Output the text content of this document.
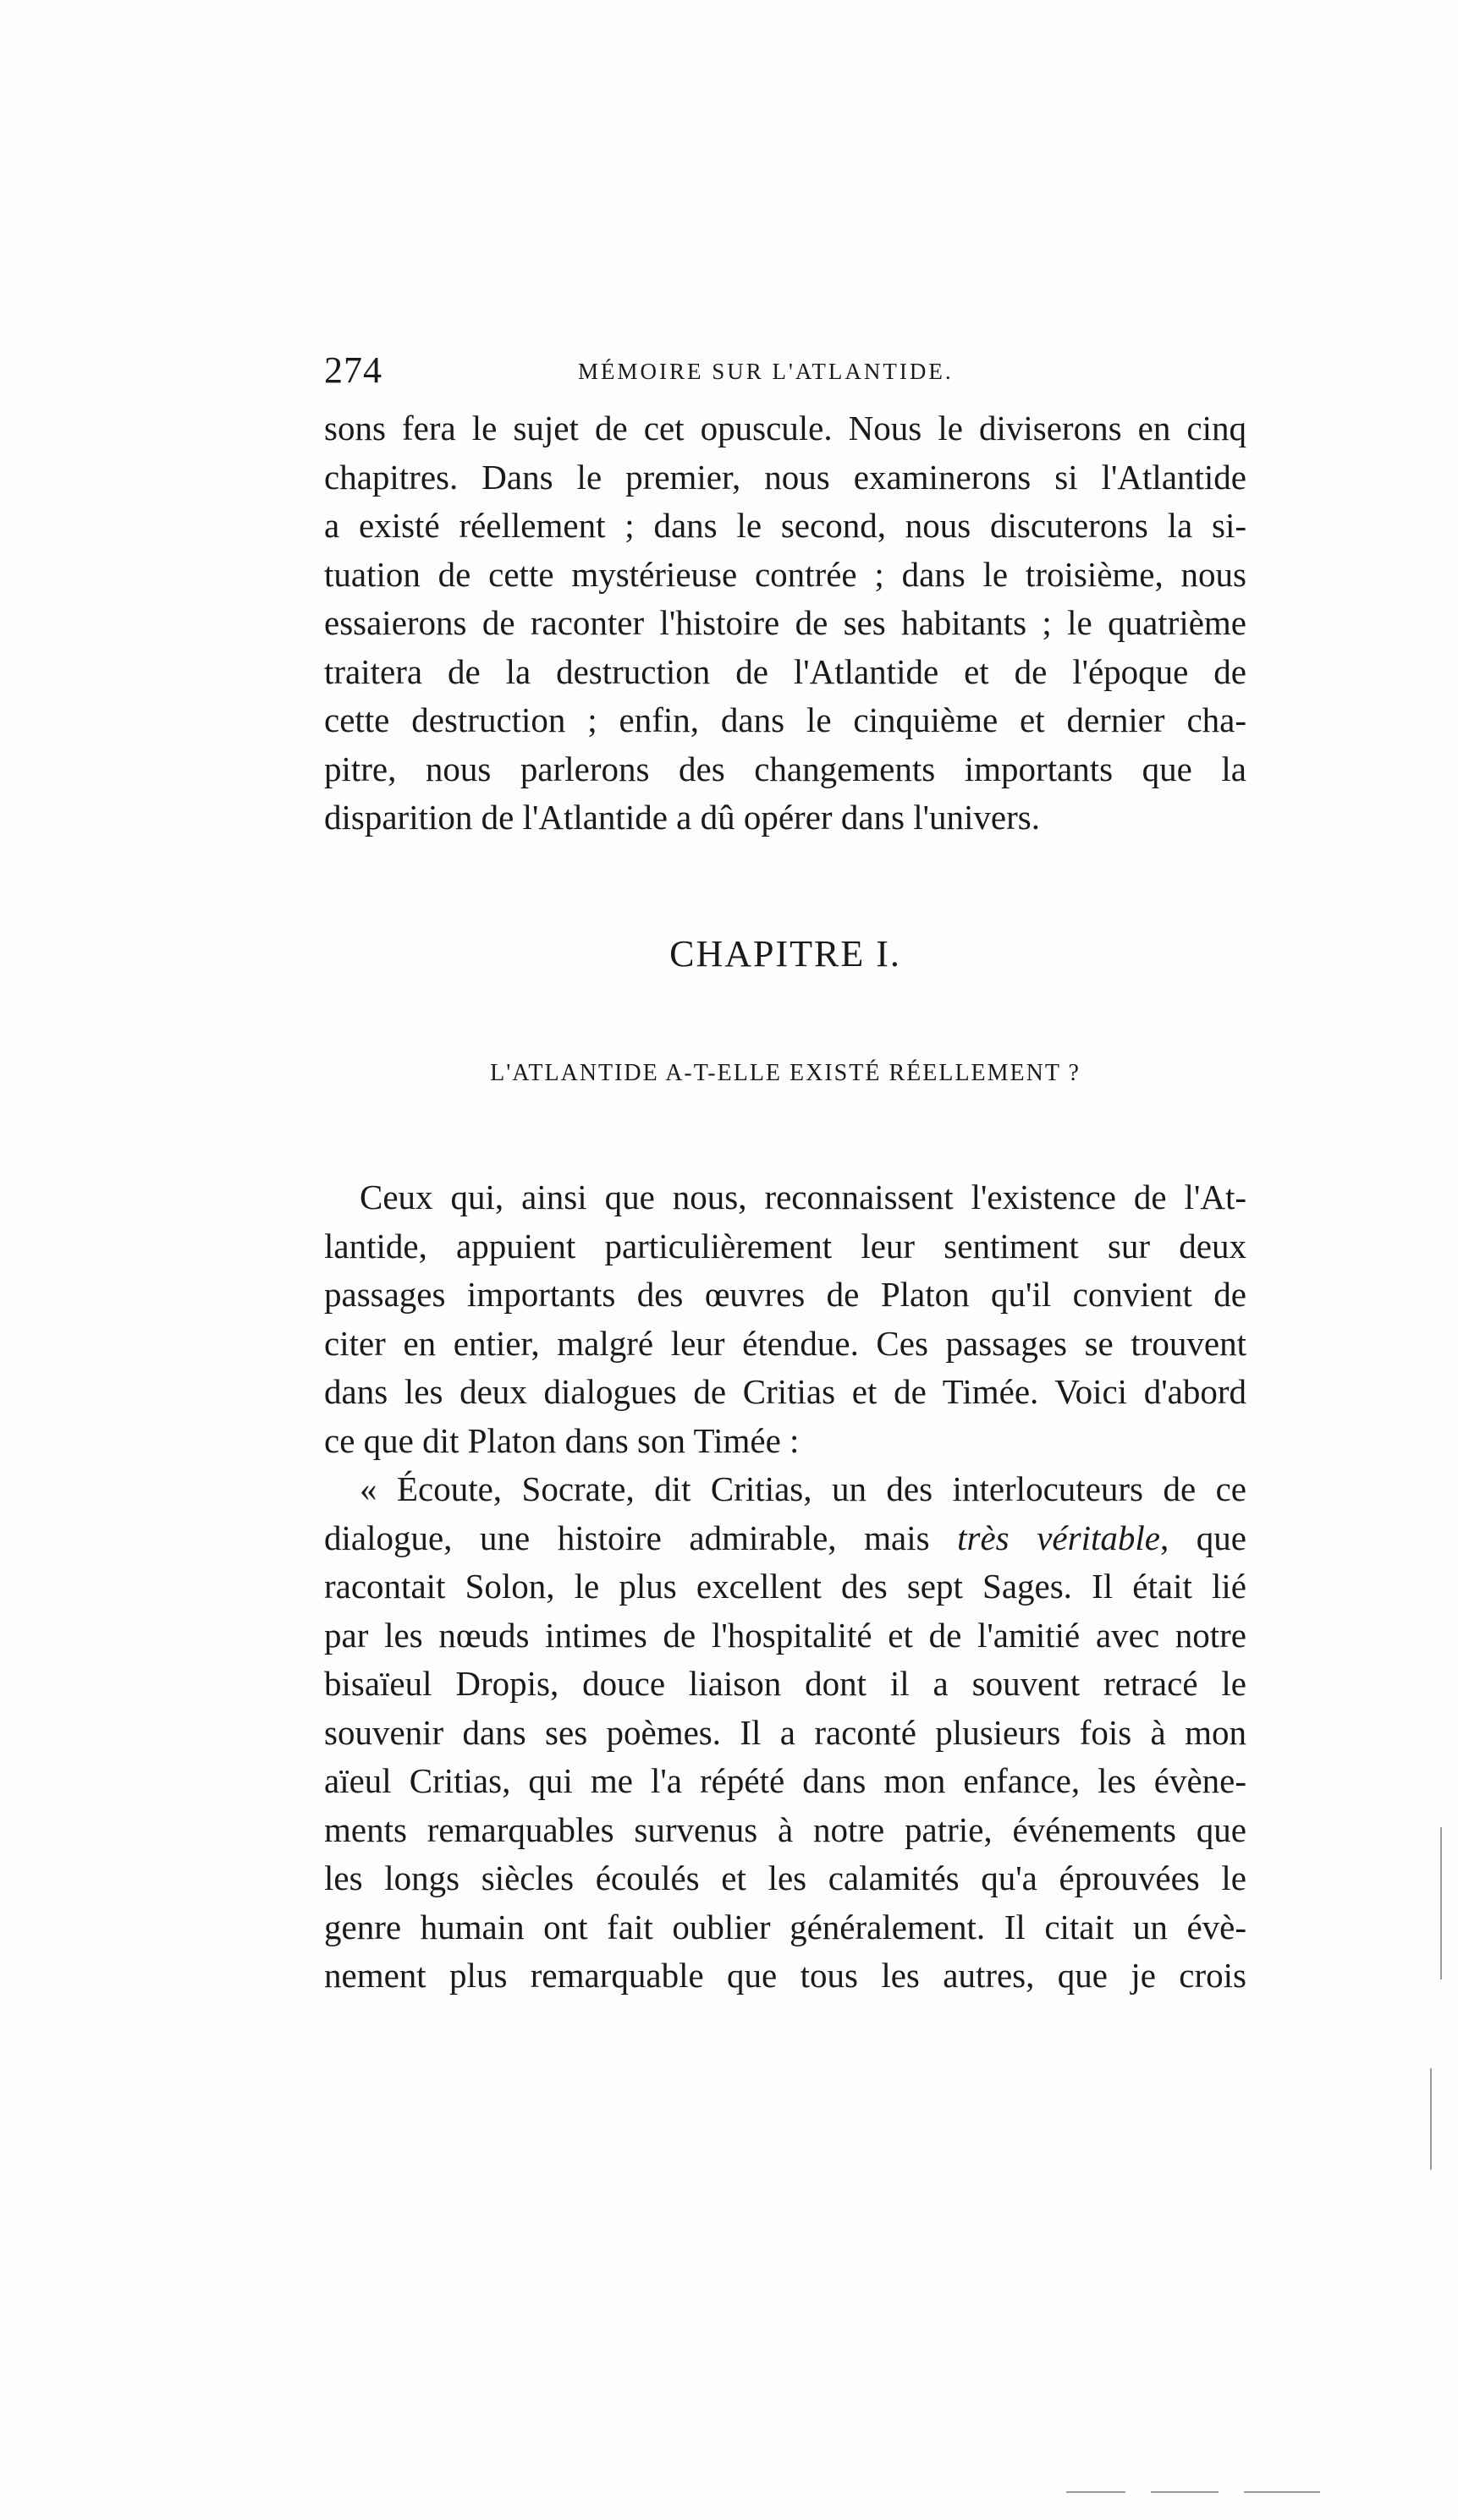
274	MÉMOIRE SUR L'ATLANTIDE.
sons fera le sujet de cet opuscule. Nous le diviserons en cinq
chapitres. Dans le premier, nous examinerons si l'Atlantide
a existé réellement ; dans le second, nous discuterons la si-
tuation de cette mystérieuse contrée ; dans le troisième, nous
essaierons de raconter l'histoire de ses habitants ; le quatrième
traitera de la destruction de l'Atlantide et de l'époque de
cette destruction ; enfin, dans le cinquième et dernier cha-
pitre, nous parlerons des changements importants que la
disparition de l'Atlantide a dû opérer dans l'univers.
CHAPITRE I.
L'ATLANTIDE A-T-ELLE EXISTÉ RÉELLEMENT ?
Ceux qui, ainsi que nous, reconnaissent l'existence de l'At-
lantide, appuient particulièrement leur sentiment sur deux
passages importants des œuvres de Platon qu'il convient de
citer en entier, malgré leur étendue. Ces passages se trouvent
dans les deux dialogues de Critias et de Timée. Voici d'abord
ce que dit Platon dans son Timée :
« Écoute, Socrate, dit Critias, un des interlocuteurs de ce
dialogue, une histoire admirable, mais très véritable, que
racontait Solon, le plus excellent des sept Sages. Il était lié
par les nœuds intimes de l'hospitalité et de l'amitié avec notre
bisaïeul Dropis, douce liaison dont il a souvent retracé le
souvenir dans ses poèmes. Il a raconté plusieurs fois à mon
aïeul Critias, qui me l'a répété dans mon enfance, les évène-
ments remarquables survenus à notre patrie, événements que
les longs siècles écoulés et les calamités qu'a éprouvées le
genre humain ont fait oublier généralement. Il citait un évè-
nement plus remarquable que tous les autres, que je crois
